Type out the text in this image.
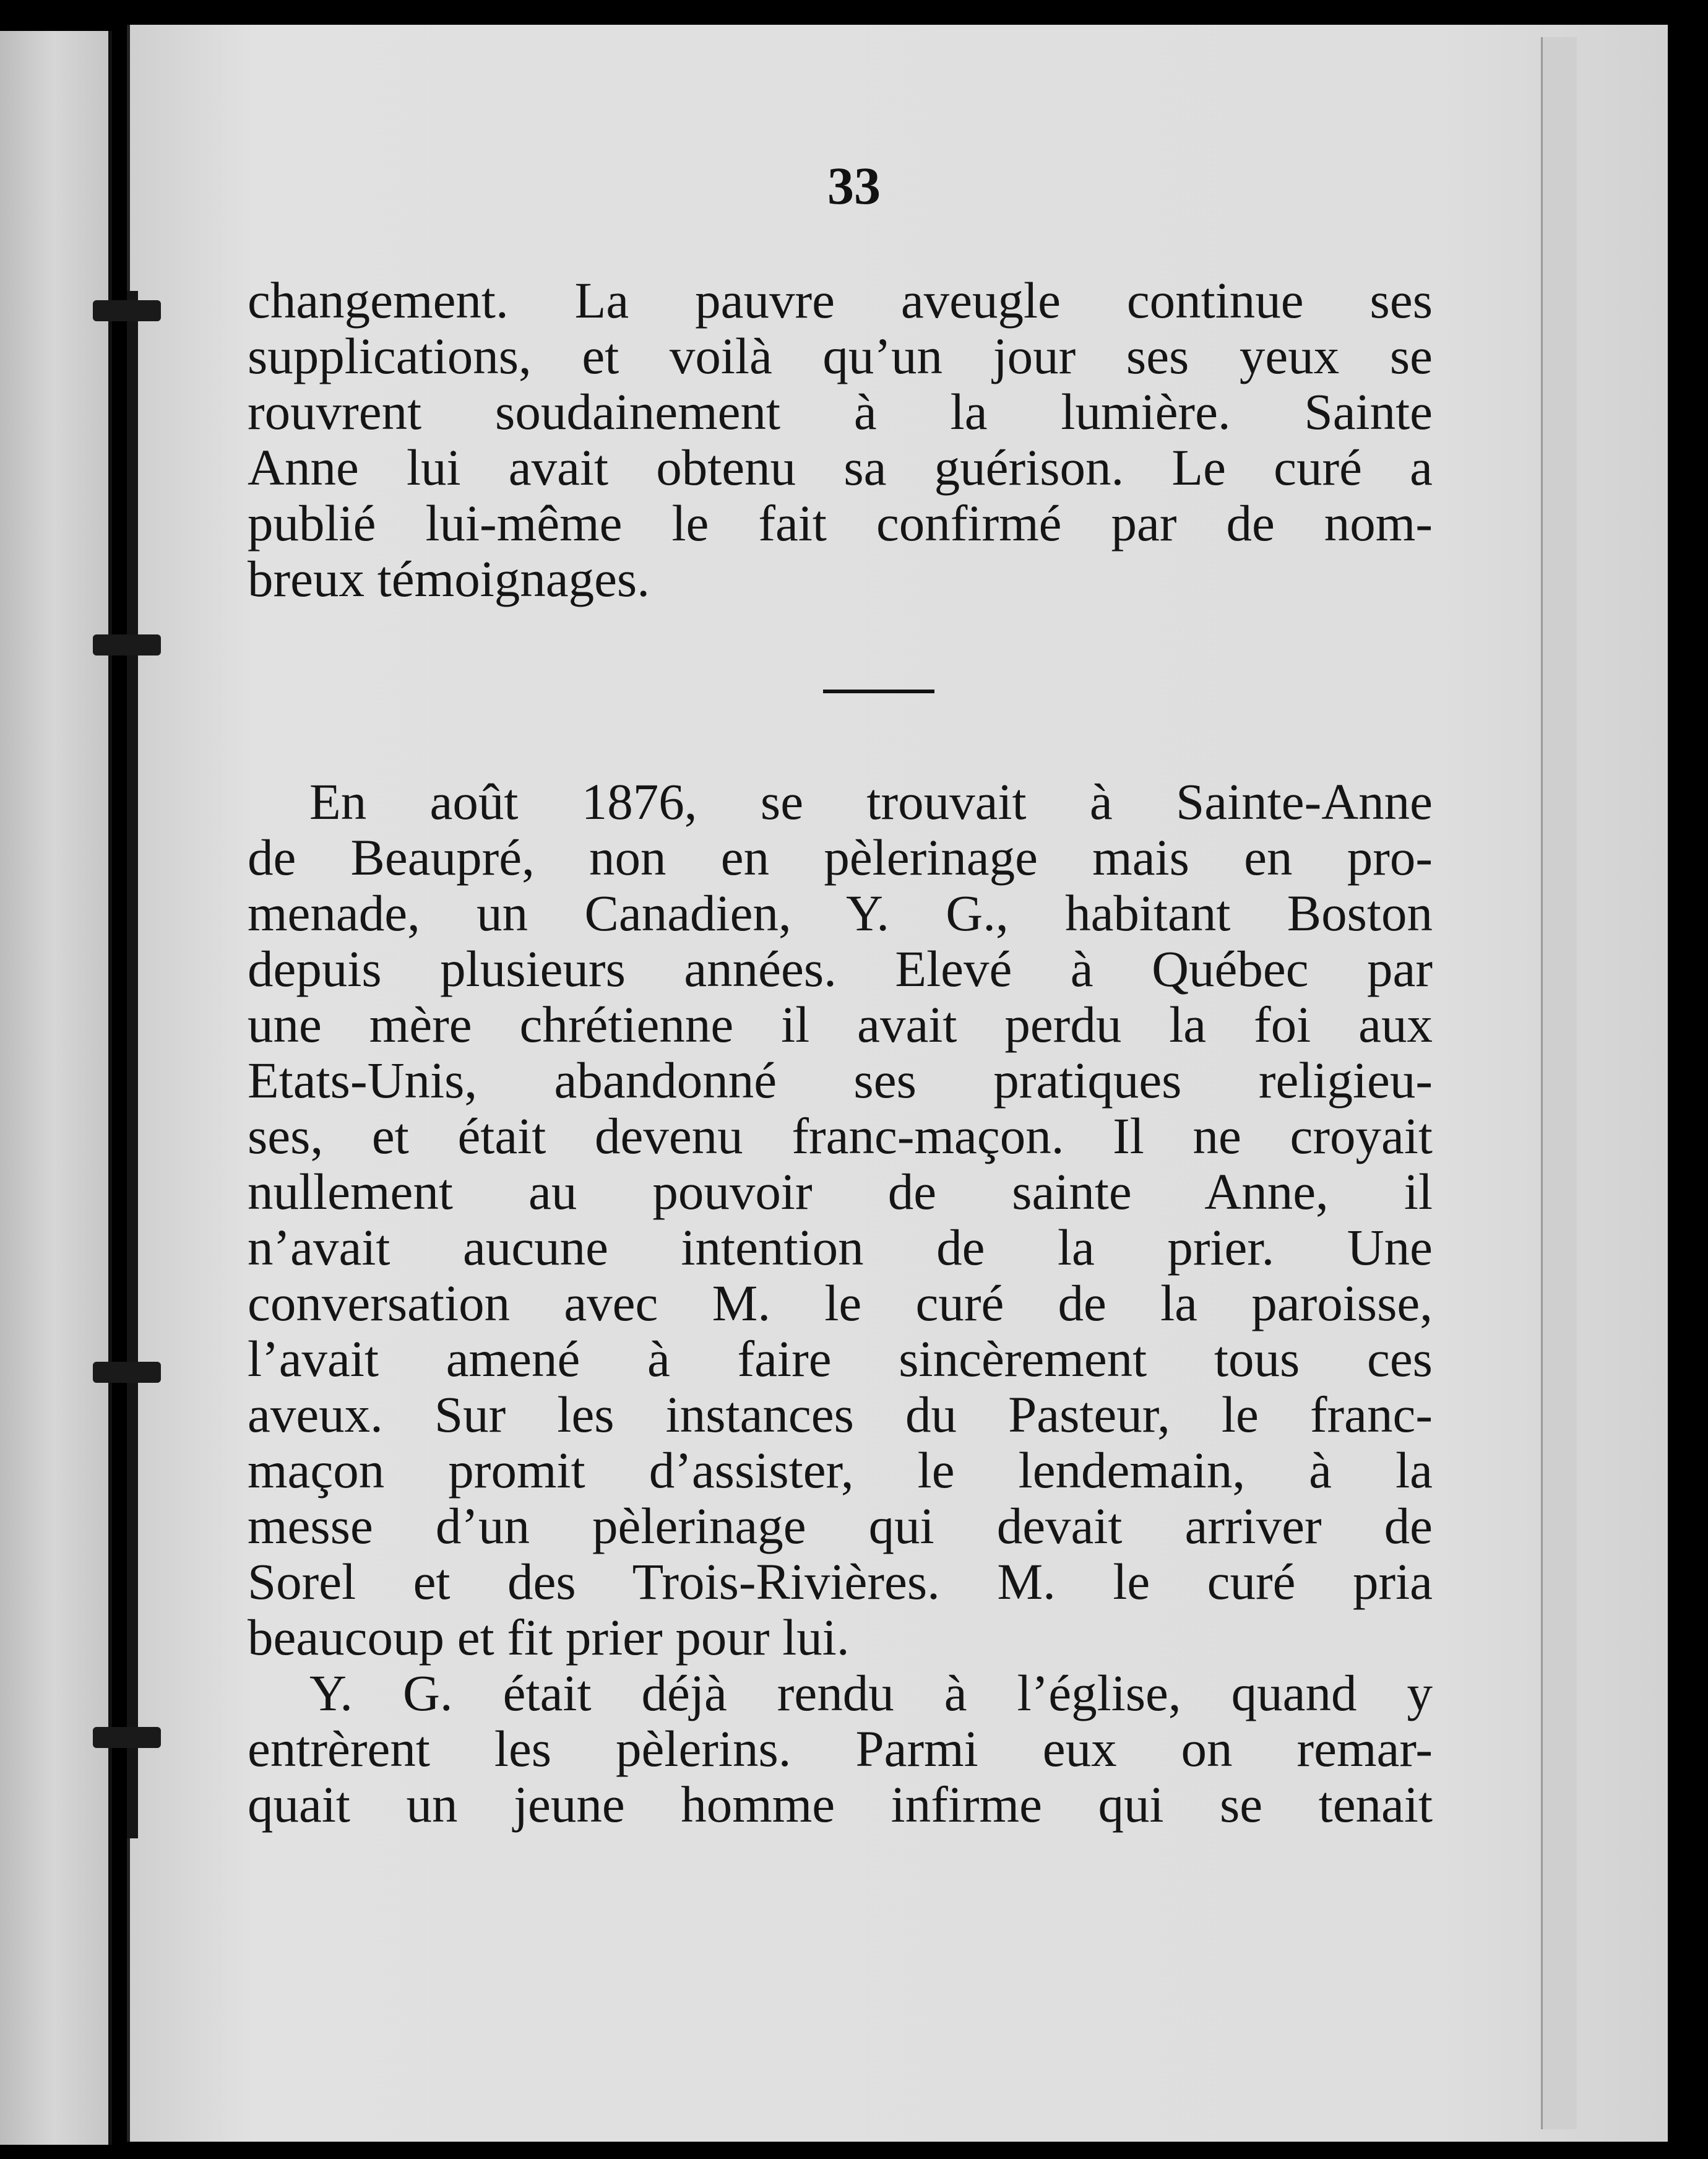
33
changement. La pauvre aveugle continue ses
supplications, et voilà qu’un jour ses yeux se
rouvrent soudainement à la lumière. Sainte
Anne lui avait obtenu sa guérison. Le curé a
publié lui-même le fait confirmé par de nom-
breux témoignages.
En août 1876, se trouvait à Sainte-Anne
de Beaupré, non en pèlerinage mais en pro-
menade, un Canadien, Y. G., habitant Boston
depuis plusieurs années. Elevé à Québec par
une mère chrétienne il avait perdu la foi aux
Etats-Unis, abandonné ses pratiques religieu-
ses, et était devenu franc-maçon. Il ne croyait
nullement au pouvoir de sainte Anne, il
n’avait aucune intention de la prier. Une
conversation avec M. le curé de la paroisse,
l’avait amené à faire sincèrement tous ces
aveux. Sur les instances du Pasteur, le franc-
maçon promit d’assister, le lendemain, à la
messe d’un pèlerinage qui devait arriver de
Sorel et des Trois-Rivières. M. le curé pria
beaucoup et fit prier pour lui.
Y. G. était déjà rendu à l’église, quand y
entrèrent les pèlerins. Parmi eux on remar-
quait un jeune homme infirme qui se tenait
